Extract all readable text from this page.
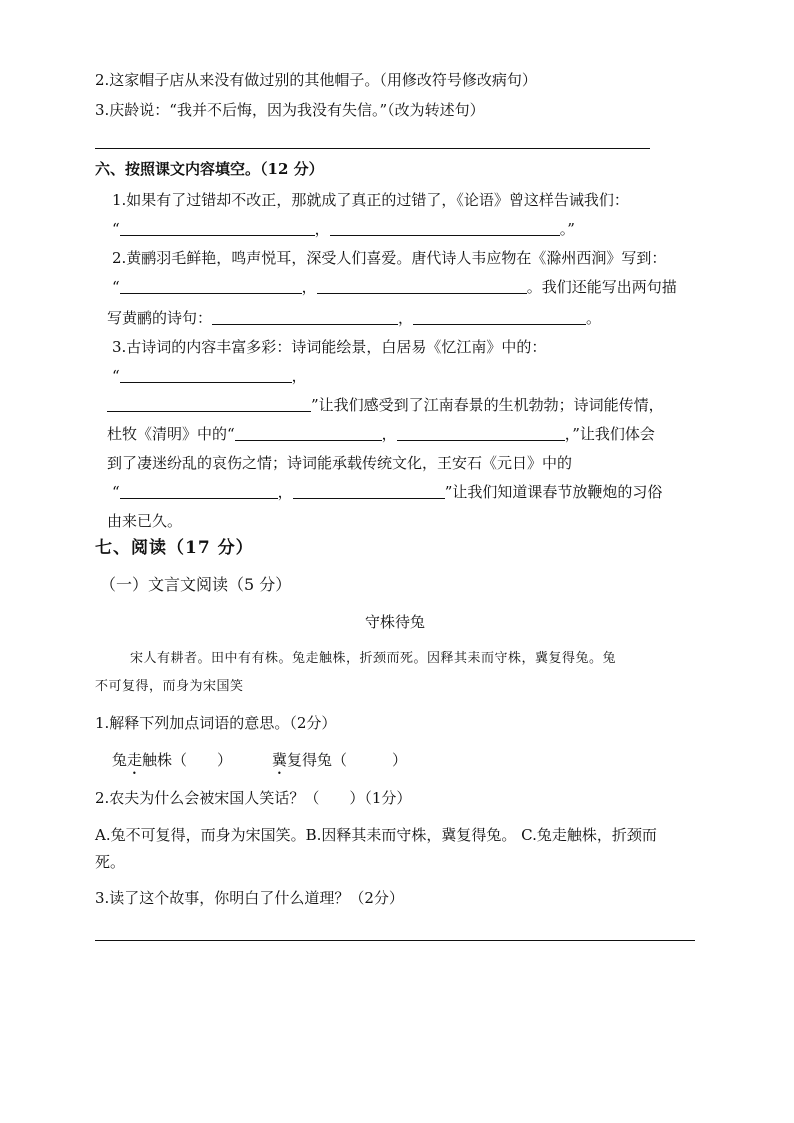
2.这家帽子店从来没有做过别的其他帽子。（用修改符号修改病句）
3.庆龄说：“我并不后悔，因为我没有失信。”（改为转述句）
六、按照课文内容填空。（12 分）
1.如果有了过错却不改正，那就成了真正的过错了，《论语》曾这样告诫我们：
“	，	。”
2.黄鹂羽毛鲜艳，鸣声悦耳，深受人们喜爱。唐代诗人韦应物在《滁州西涧》写到：
“	，	。我们还能写出两句描
写黄鹂的诗句：	，	。
3.古诗词的内容丰富多彩：诗词能绘景，白居易《忆江南》中的：
“	，
”让我们感受到了江南春景的生机勃勃；诗词能传情，
杜牧《清明》中的“	，	，”让我们体会
到了凄迷纷乱的哀伤之情；诗词能承载传统文化，王安石《元日》中的
“	，	”让我们知道课春节放鞭炮的习俗
由来已久。
七、阅读（17 分）
（一）文言文阅读（5 分）
守株待兔
宋人有耕者。田中有有株。兔走触株，折颈而死。因释其耒而守株，冀复得兔。兔
不可复得，而身为宋国笑
1.解释下列加点词语的意思。（2分）
兔走触株（　　）	冀复得兔（　　　）
2.农夫为什么会被宋国人笑话？（　　）（1分）
A.兔不可复得，而身为宋国笑。B.因释其耒而守株，冀复得兔。 C.兔走触株，折颈而
死。
3.读了这个故事，你明白了什么道理？（2分）
